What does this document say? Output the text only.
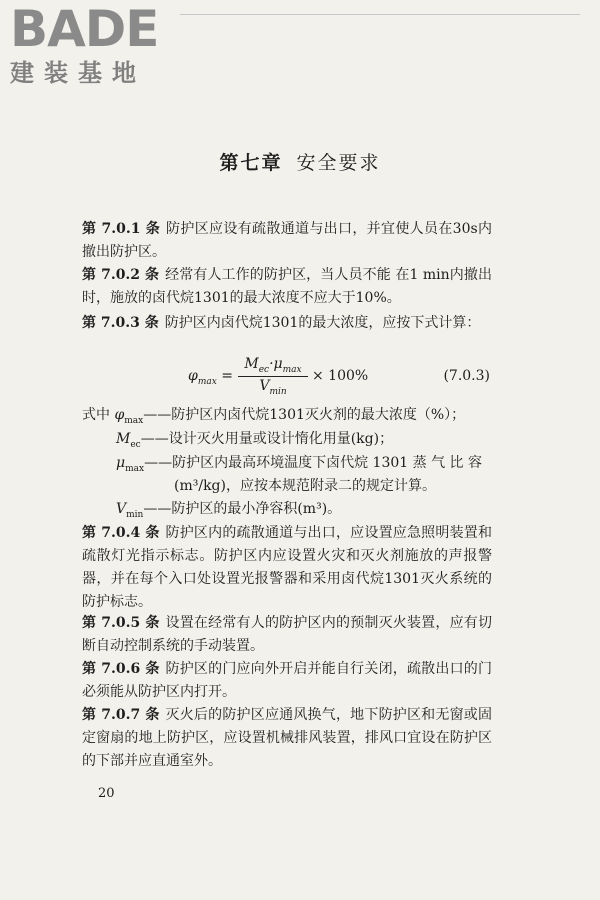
BADE
建装基地
第七章 安全要求
第 7.0.1 条 防护区应设有疏散通道与出口，并宜使人员在30s内撤出防护区。
第 7.0.2 条 经常有人工作的防护区，当人员不能 在1 min内撤出时，施放的卤代烷1301的最大浓度不应大于10%。
第 7.0.3 条 防护区内卤代烷1301的最大浓度，应按下式计算：
$\varphi_{max}$ =
$M_{ec}\cdot\mu_{max}$
$V_{min}$
× 100%	(7.0.3)
式中 $\varphi_{max}——$防护区内卤代烷1301灭火剂的最大浓度（%）；
$M_{ec}——$设计灭火用量或设计惰化用量(kg)；
$\mu_{max}——$防护区内最高环境温度下卤代烷 1301 蒸 气 比 容
(m³/kg)，应按本规范附录二的规定计算。
$V_{min}——$防护区的最小净容积(m³)。
第 7.0.4 条 防护区内的疏散通道与出口，应设置应急照明装置和疏散灯光指示标志。防护区内应设置火灾和灭火剂施放的声报警器，并在每个入口处设置光报警器和采用卤代烷1301灭火系统的防护标志。
第 7.0.5 条 设置在经常有人的防护区内的预制灭火装置，应有切断自动控制系统的手动装置。
第 7.0.6 条 防护区的门应向外开启并能自行关闭，疏散出口的门必须能从防护区内打开。
第 7.0.7 条 灭火后的防护区应通风换气，地下防护区和无窗或固定窗扇的地上防护区，应设置机械排风装置，排风口宜设在防护区的下部并应直通室外。
20
